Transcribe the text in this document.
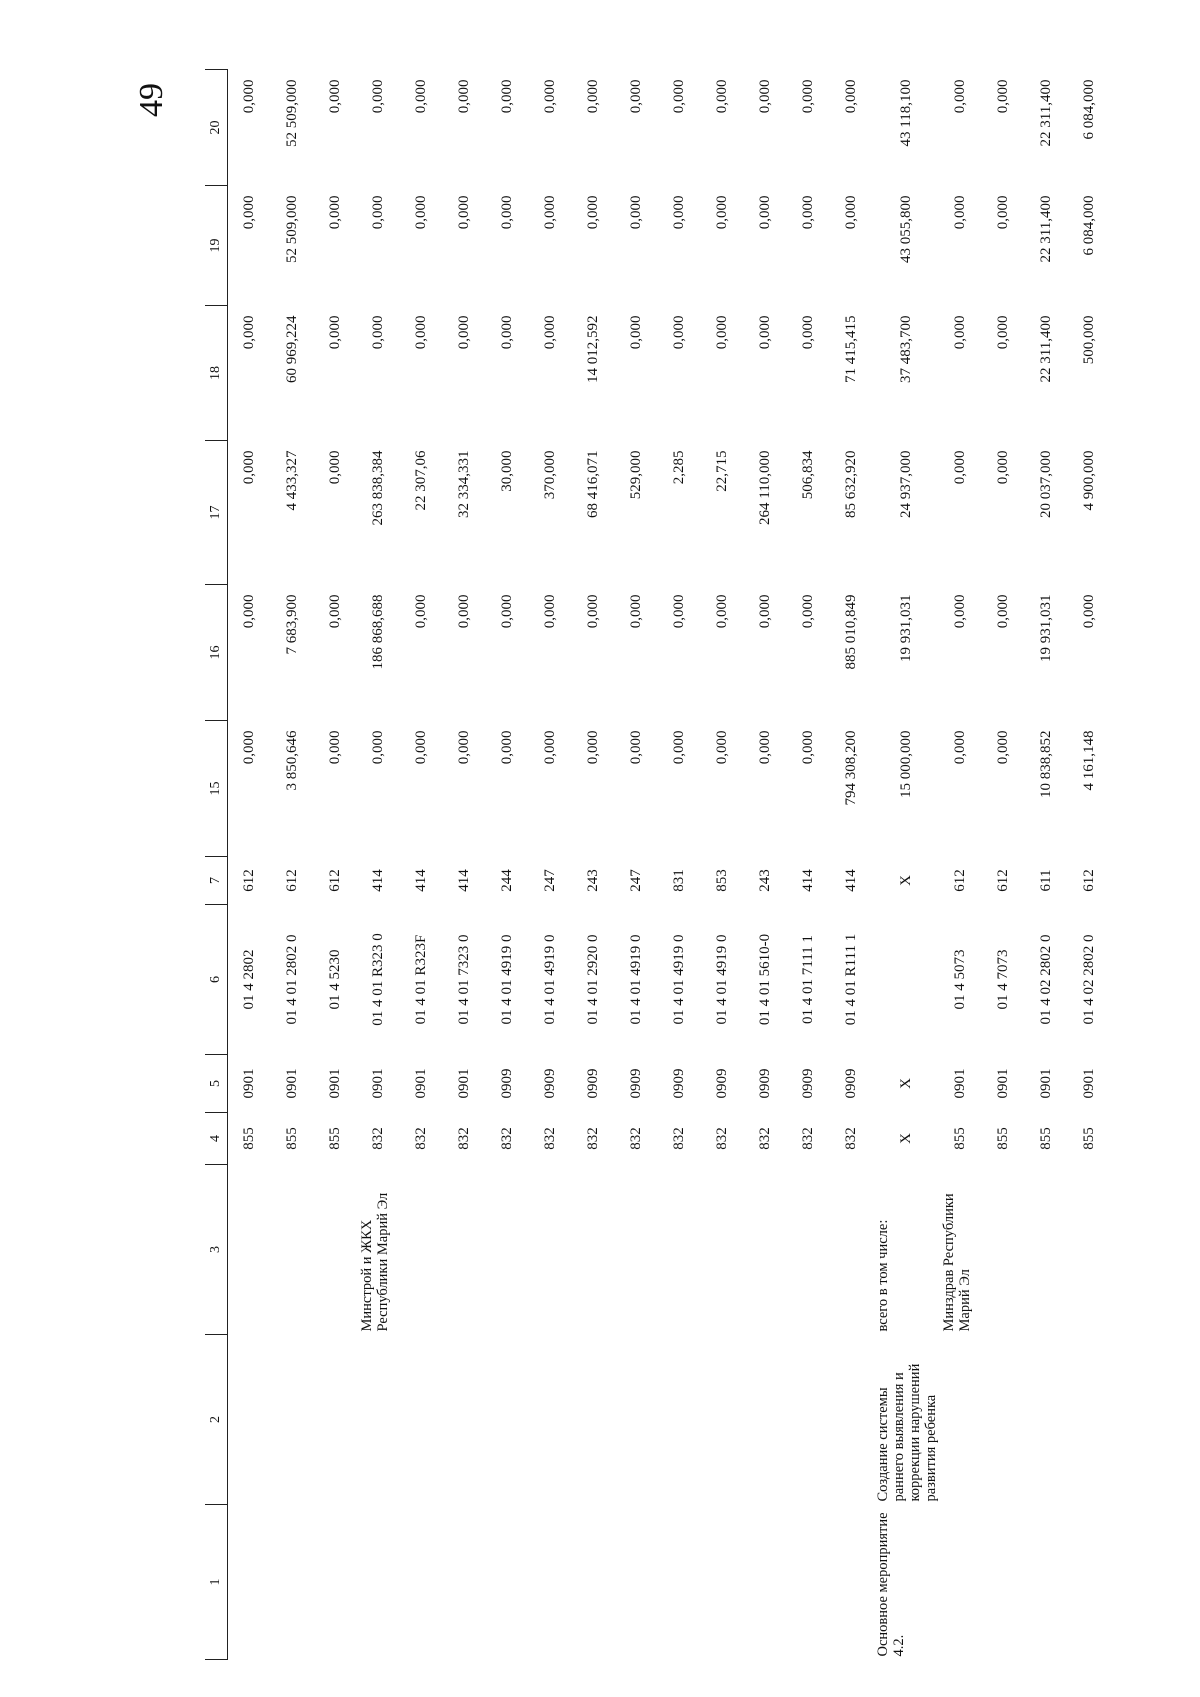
49
1	2	3	4	5	6	7	15	16	17	18	19	20
			855	0901	01 4 2802	612	0,000	0,000	0,000	0,000	0,000	0,000
			855	0901	01 4 01 2802 0	612	3 850,646	7 683,900	4 433,327	60 969,224	52 509,000	52 509,000
			855	0901	01 4 5230	612	0,000	0,000	0,000	0,000	0,000	0,000
		Минстрой и ЖКХ Республики Марий Эл	832	0901	01 4 01 R323 0	414	0,000	186 868,688	263 838,384	0,000	0,000	0,000
			832	0901	01 4 01 R323F	414	0,000	0,000	22 307,06	0,000	0,000	0,000
			832	0901	01 4 01 7323 0	414	0,000	0,000	32 334,331	0,000	0,000	0,000
			832	0909	01 4 01 4919 0	244	0,000	0,000	30,000	0,000	0,000	0,000
			832	0909	01 4 01 4919 0	247	0,000	0,000	370,000	0,000	0,000	0,000
			832	0909	01 4 01 2920 0	243	0,000	0,000	68 416,071	14 012,592	0,000	0,000
			832	0909	01 4 01 4919 0	247	0,000	0,000	529,000	0,000	0,000	0,000
			832	0909	01 4 01 4919 0	831	0,000	0,000	2,285	0,000	0,000	0,000
			832	0909	01 4 01 4919 0	853	0,000	0,000	22,715	0,000	0,000	0,000
			832	0909	01 4 01 5610-0	243	0,000	0,000	264 110,000	0,000	0,000	0,000
			832	0909	01 4 01 7111 1	414	0,000	0,000	506,834	0,000	0,000	0,000
			832	0909	01 4 01 R111 1	414	794 308,200	885 010,849	85 632,920	71 415,415	0,000	0,000
Основное мероприятие 4.2.	Создание системы раннего выявления и коррекции нарушений развития ребенка	всего в том числе:	X	X		X	15 000,000	19 931,031	24 937,000	37 483,700	43 055,800	43 118,100
		Минздрав Республики Марий Эл	855	0901	01 4 5073	612	0,000	0,000	0,000	0,000	0,000	0,000
			855	0901	01 4 7073	612	0,000	0,000	0,000	0,000	0,000	0,000
			855	0901	01 4 02 2802 0	611	10 838,852	19 931,031	20 037,000	22 311,400	22 311,400	22 311,400
			855	0901	01 4 02 2802 0	612	4 161,148	0,000	4 900,000	500,000	6 084,000	6 084,000
